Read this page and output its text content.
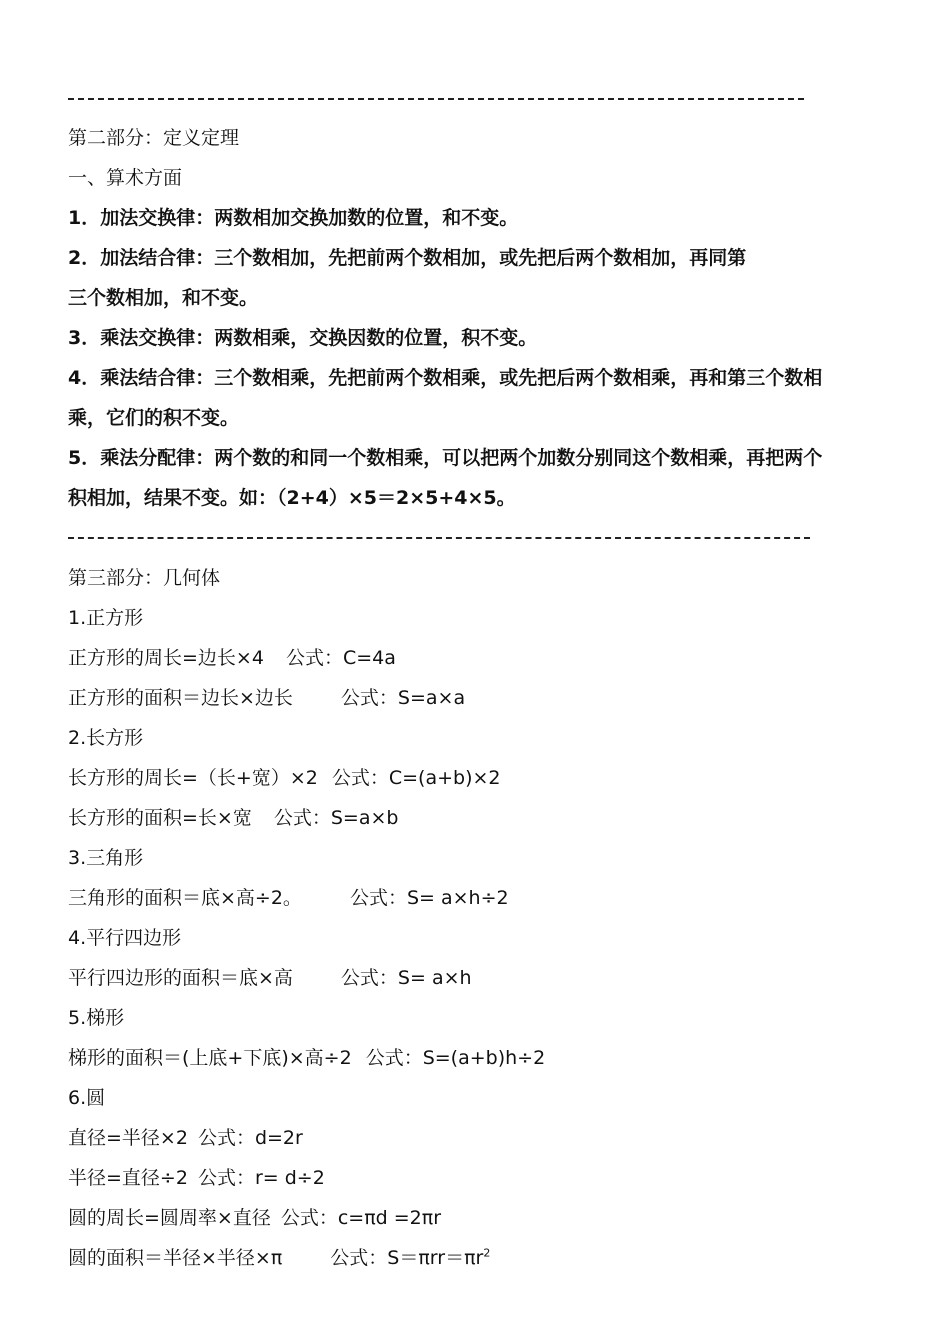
第二部分：定义定理
一、算术方面
1．加法交换律：两数相加交换加数的位置，和不变。
2．加法结合律：三个数相加，先把前两个数相加，或先把后两个数相加，再同第
三个数相加，和不变。
3．乘法交换律：两数相乘，交换因数的位置，积不变。
4．乘法结合律：三个数相乘，先把前两个数相乘，或先把后两个数相乘，再和第三个数相
乘，它们的积不变。
5．乘法分配律：两个数的和同一个数相乘，可以把两个加数分别同这个数相乘，再把两个
积相加，结果不变。如：（2+4）×5＝2×5+4×5。
第三部分：几何体
1.正方形
正方形的周长=边长×4 公式：C=4a
正方形的面积＝边长×边长	公式：S=a×a
2.长方形
长方形的周长=（长+宽）×2 公式：C=(a+b)×2
长方形的面积=长×宽 公式：S=a×b
3.三角形
三角形的面积＝底×高÷2。	公式：S= a×h÷2
4.平行四边形
平行四边形的面积＝底×高	公式：S= a×h
5.梯形
梯形的面积＝(上底+下底)×高÷2 公式：S=(a+b)h÷2
6.圆
直径=半径×2 公式：d=2r
半径=直径÷2 公式：r= d÷2
圆的周长=圆周率×直径 公式：c=πd =2πr
圆的面积＝半径×半径×π	公式：$S=\pi rr=\pi r^2$
